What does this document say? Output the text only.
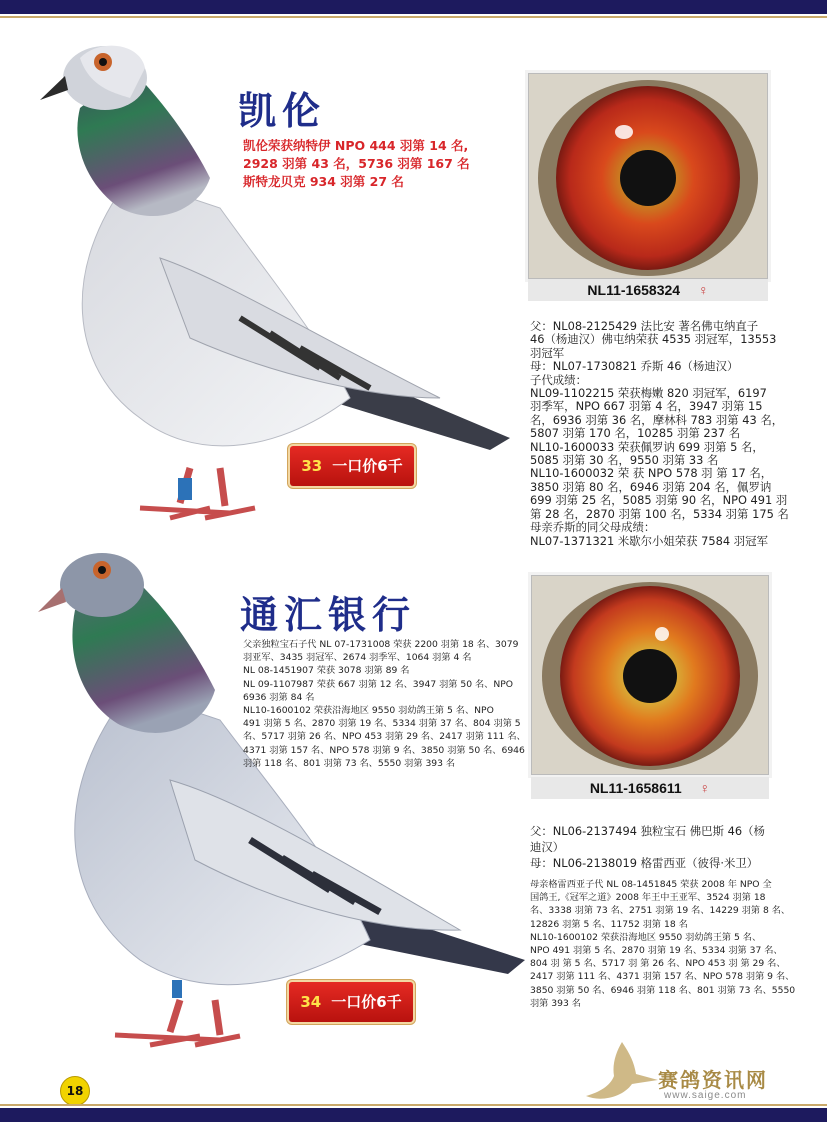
凯伦
凯伦荣获纳特伊 NPO 444 羽第 14 名,
2928 羽第 43 名，5736 羽第 167 名
斯特龙贝克 934 羽第 27 名
NL11-1658324 ♀
父：NL08-2125429 法比安 著名佛屯纳直子
46（杨迪汉）佛屯纳荣获 4535 羽冠军，13553
羽冠军
母：NL07-1730821 乔斯 46（杨迪汉）
子代成绩：
NL09-1102215 荣获梅嫩 820 羽冠军，6197
羽季军，NPO 667 羽第 4 名，3947 羽第 15
名，6936 羽第 36 名，摩林科 783 羽第 43 名，
5807 羽第 170 名，10285 羽第 237 名
NL10-1600033 荣获佩罗讷 699 羽第 5 名，
5085 羽第 30 名，9550 羽第 33 名
NL10-1600032 荣 获 NPO 578 羽 第 17 名，
3850 羽第 80 名，6946 羽第 204 名，佩罗讷
699 羽第 25 名，5085 羽第 90 名，NPO 491 羽
第 28 名，2870 羽第 100 名，5334 羽第 175 名
母亲乔斯的同父母成绩：
NL07-1371321 米歇尔小姐荣获 7584 羽冠军
33 一口价6千
通汇银行
父亲独粒宝石子代 NL 07-1731008 荣获 2200 羽第 18 名、3079
羽亚军、3435 羽冠军、2674 羽季军、1064 羽第 4 名
NL 08-1451907 荣获 3078 羽第 89 名
NL 09-1107987 荣获 667 羽第 12 名、3947 羽第 50 名、NPO
6936 羽第 84 名
NL10-1600102 荣获沿海地区 9550 羽幼鸽王第 5 名、NPO
491 羽第 5 名、2870 羽第 19 名、5334 羽第 37 名、804 羽第 5
名、5717 羽第 26 名、NPO 453 羽第 29 名、2417 羽第 111 名、
4371 羽第 157 名、NPO 578 羽第 9 名、3850 羽第 50 名、6946
羽第 118 名、801 羽第 73 名、5550 羽第 393 名
NL11-1658611 ♀
父：NL06-2137494 独粒宝石 佛巴斯 46（杨
迪汉）
母：NL06-2138019 格雷西亚（彼得·米卫）
母亲格雷西亚子代 NL 08-1451845 荣获 2008 年 NPO 全
国鸽王,《冠军之道》2008 年王中王亚军、3524 羽第 18
名、3338 羽第 73 名、2751 羽第 19 名、14229 羽第 8 名、
12826 羽第 5 名、11752 羽第 18 名
NL10-1600102 荣获沿海地区 9550 羽幼鸽王第 5 名、
NPO 491 羽第 5 名、2870 羽第 19 名、5334 羽第 37 名、
804 羽 第 5 名、5717 羽 第 26 名、NPO 453 羽 第 29 名、
2417 羽第 111 名、4371 羽第 157 名、NPO 578 羽第 9 名、
3850 羽第 50 名、6946 羽第 118 名、801 羽第 73 名、5550
羽第 393 名
34 一口价6千
18	赛鸽资讯网
www.saige.com
